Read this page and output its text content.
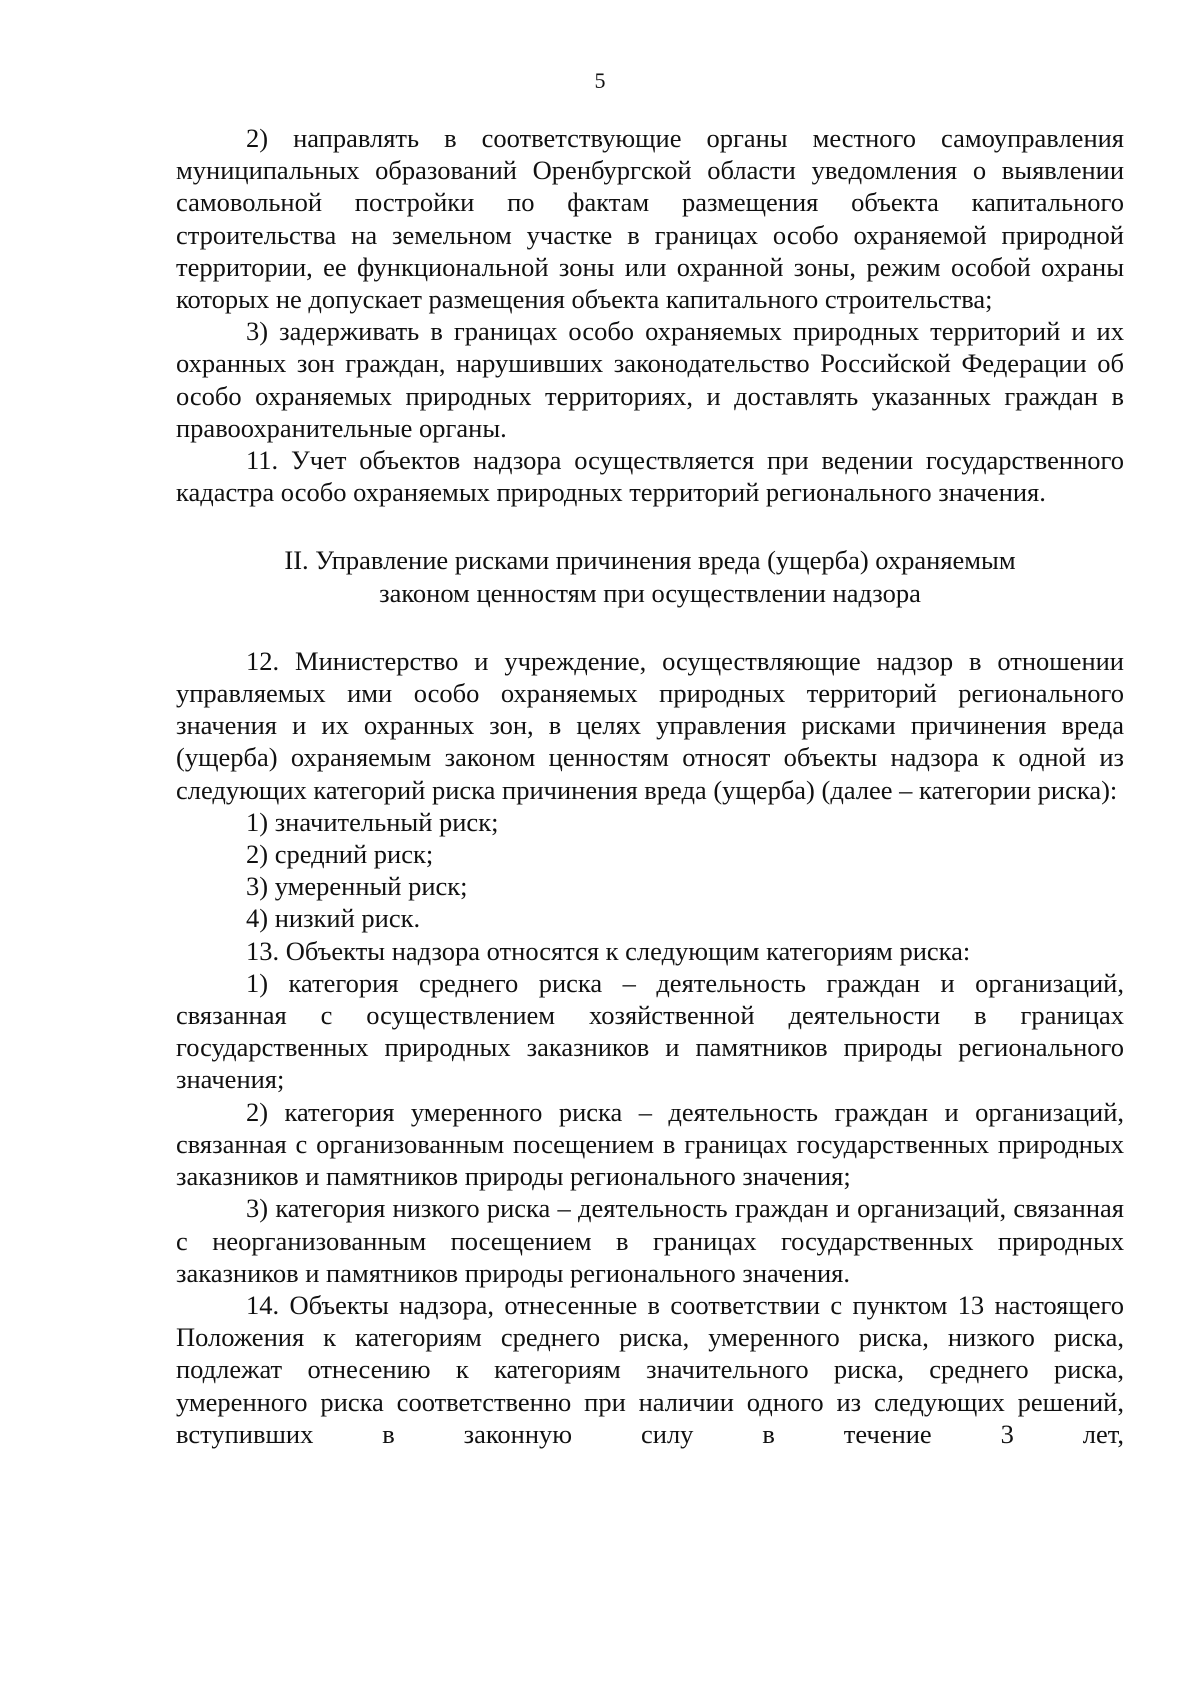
5

2) направлять в соответствующие органы местного самоуправления муниципальных образований Оренбургской области уведомления о выявлении самовольной постройки по фактам размещения объекта капитального строительства на земельном участке в границах особо охраняемой природной территории, ее функциональной зоны или охранной зоны, режим особой охраны которых не допускает размещения объекта капитального строительства;

3) задерживать в границах особо охраняемых природных территорий и их охранных зон граждан, нарушивших законодательство Российской Федерации об особо охраняемых природных территориях, и доставлять указанных граждан в правоохранительные органы.

11. Учет объектов надзора осуществляется при ведении государственного кадастра особо охраняемых природных территорий регионального значения.

II. Управление рисками причинения вреда (ущерба) охраняемым
законом ценностям при осуществлении надзора

12. Министерство и учреждение, осуществляющие надзор в отношении управляемых ими особо охраняемых природных территорий регионального значения и их охранных зон, в целях управления рисками причинения вреда (ущерба) охраняемым законом ценностям относят объекты надзора к одной из следующих категорий риска причинения вреда (ущерба) (далее – категории риска):

1) значительный риск;

2) средний риск;

3) умеренный риск;

4) низкий риск.

13. Объекты надзора относятся к следующим категориям риска:

1) категория среднего риска – деятельность граждан и организаций, связанная с осуществлением хозяйственной деятельности в границах государственных природных заказников и памятников природы регионального значения;

2) категория умеренного риска – деятельность граждан и организаций, связанная с организованным посещением в границах государственных природных заказников и памятников природы регионального значения;

3) категория низкого риска – деятельность граждан и организаций, связанная с неорганизованным посещением в границах государственных природных заказников и памятников природы регионального значения.

14. Объекты надзора, отнесенные в соответствии с пунктом 13 настоящего Положения к категориям среднего риска, умеренного риска, низкого риска, подлежат отнесению к категориям значительного риска, среднего риска, умеренного риска соответственно при наличии одного из следующих решений, вступивших в законную силу в течение 3 лет,
